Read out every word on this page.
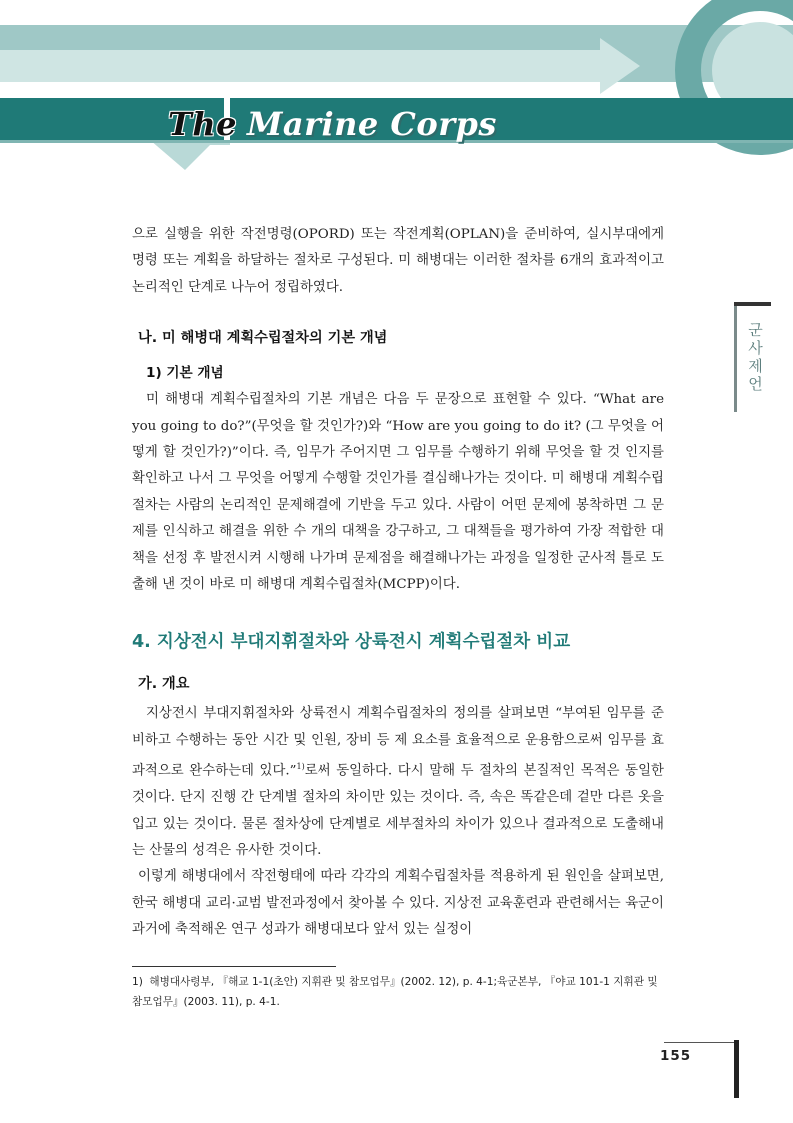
The Marine Corps
군사제언

으로 실행을 위한 작전명령(OPORD) 또는 작전계획(OPLAN)을 준비하여, 실시부대에게 명령 또는 계획을 하달하는 절차로 구성된다. 미 해병대는 이러한 절차를 6개의 효과적이고 논리적인 단계로 나누어 정립하였다.

나. 미 해병대 계획수립절차의 기본 개념

1) 기본 개념

미 해병대 계획수립절차의 기본 개념은 다음 두 문장으로 표현할 수 있다. “What are you going to do?”(무엇을 할 것인가?)와 “How are you going to do it? (그 무엇을 어떻게 할 것인가?)”이다. 즉, 임무가 주어지면 그 임무를 수행하기 위해 무엇을 할 것 인지를 확인하고 나서 그 무엇을 어떻게 수행할 것인가를 결심해나가는 것이다. 미 해병대 계획수립절차는 사람의 논리적인 문제해결에 기반을 두고 있다. 사람이 어떤 문제에 봉착하면 그 문제를 인식하고 해결을 위한 수 개의 대책을 강구하고, 그 대책들을 평가하여 가장 적합한 대책을 선정 후 발전시켜 시행해 나가며 문제점을 해결해나가는 과정을 일정한 군사적 틀로 도출해 낸 것이 바로 미 해병대 계획수립절차(MCPP)이다.

4. 지상전시 부대지휘절차와 상륙전시 계획수립절차 비교

가. 개요

지상전시 부대지휘절차와 상륙전시 계획수립절차의 정의를 살펴보면 “부여된 임무를 준비하고 수행하는 동안 시간 및 인원, 장비 등 제 요소를 효율적으로 운용함으로써 임무를 효과적으로 완수하는데 있다.”$^{1)}$로써 동일하다. 다시 말해 두 절차의 본질적인 목적은 동일한 것이다. 단지 진행 간 단계별 절차의 차이만 있는 것이다. 즉, 속은 똑같은데 겉만 다른 옷을 입고 있는 것이다. 물론 절차상에 단계별로 세부절차의 차이가 있으나 결과적으로 도출해내는 산물의 성격은 유사한 것이다.

이렇게 해병대에서 작전형태에 따라 각각의 계획수립절차를 적용하게 된 원인을 살펴보면, 한국 해병대 교리·교범 발전과정에서 찾아볼 수 있다. 지상전 교육훈련과 관련해서는 육군이 과거에 축적해온 연구 성과가 해병대보다 앞서 있는 실정이

1) 해병대사령부, 『해교 1-1(초안) 지휘관 및 참모업무』(2002. 12), p. 4-1;육군본부, 『야교 101-1 지휘관 및 참모업무』(2003. 11), p. 4-1.
155
